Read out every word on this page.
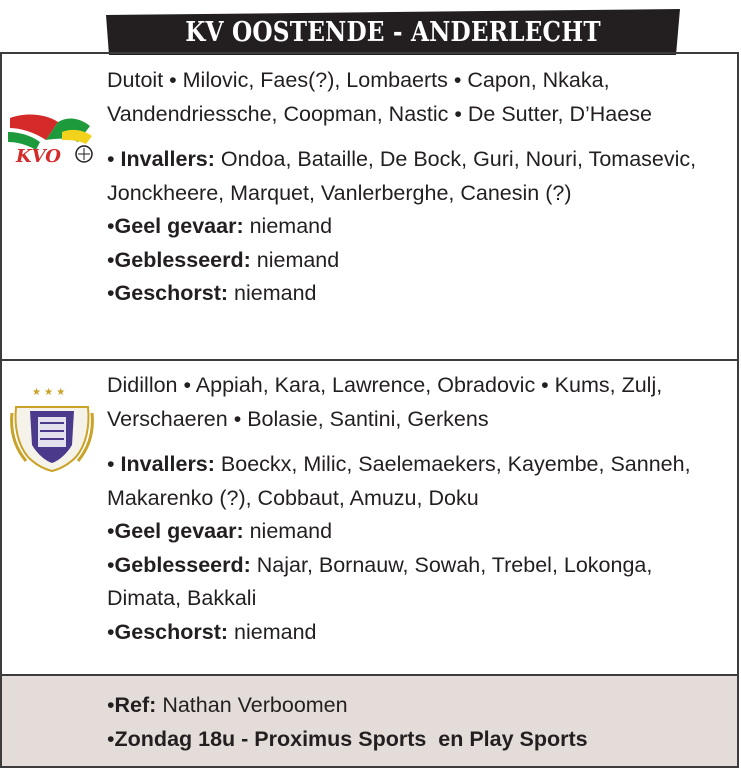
KV OOSTENDE - ANDERLECHT
KVO

Dutoit • Milovic, Faes(?), Lombaerts • Capon, Nkaka, Vandendriessche, Coopman, Nastic • De Sutter, D’Haese

• Invallers: Ondoa, Bataille, De Bock, Guri, Nouri, Tomasevic, Jonckheere, Marquet, Vanlerberghe, Canesin (?)

•Geel gevaar: niemand

•Geblesseerd: niemand

•Geschorst: niemand

★ ★ ★ Didillon • Appiah, Kara, Lawrence, Obradovic • Kums, Zulj, Verschaeren • Bolasie, Santini, Gerkens

• Invallers: Boeckx, Milic, Saelemaekers, Kayembe, Sanneh, Makarenko (?), Cobbaut, Amuzu, Doku

•Geel gevaar: niemand

•Geblesseerd: Najar, Bornauw, Sowah, Trebel, Lokonga, Dimata, Bakkali

•Geschorst: niemand

•Ref: Nathan Verboomen

•Zondag 18u - Proximus Sports  en Play Sports
